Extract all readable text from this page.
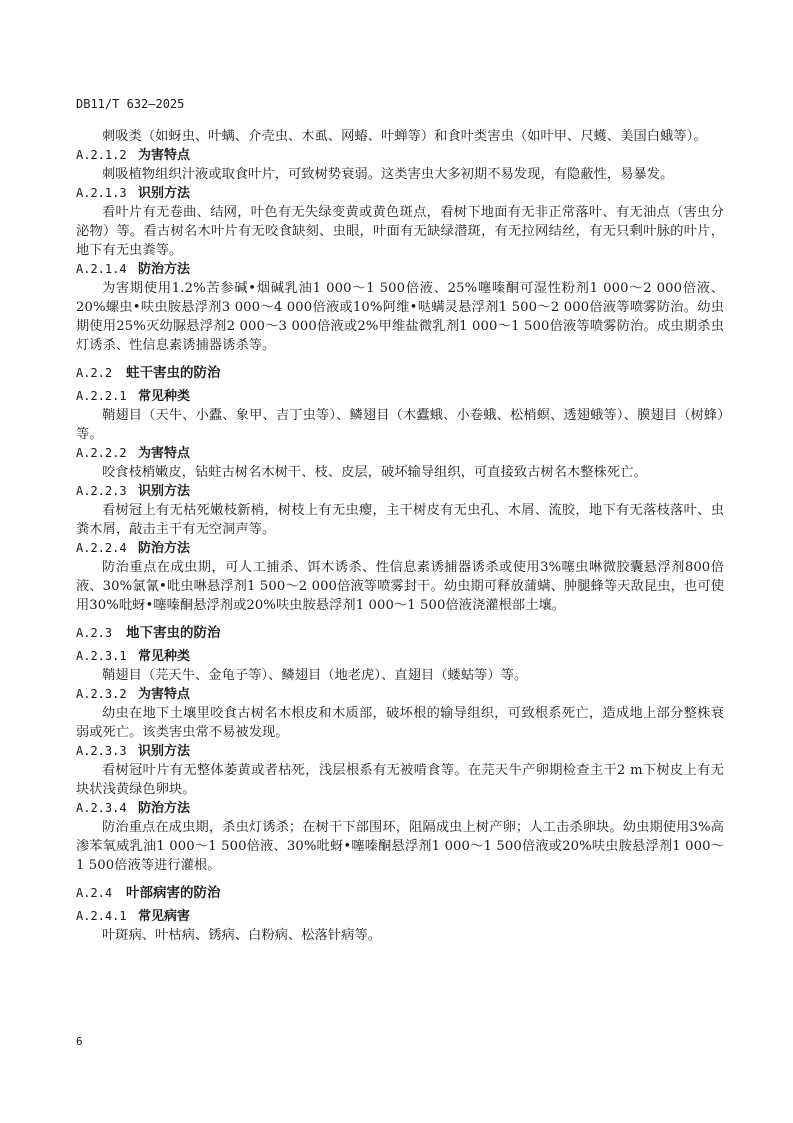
DB11/T 632—2025

刺吸类（如蚜虫、叶螨、介壳虫、木虱、网蝽、叶蝉等）和食叶类害虫（如叶甲、尺蠖、美国白蛾等）。

A.2.1.2 为害特点

刺吸植物组织汁液或取食叶片，可致树势衰弱。这类害虫大多初期不易发现，有隐蔽性，易暴发。

A.2.1.3 识别方法

看叶片有无卷曲、结网，叶色有无失绿变黄或黄色斑点，看树下地面有无非正常落叶、有无油点（害虫分泌物）等。看古树名木叶片有无咬食缺刻、虫眼，叶面有无缺绿潜斑，有无拉网结丝，有无只剩叶脉的叶片，地下有无虫粪等。

A.2.1.4 防治方法

为害期使用1.2%苦参碱•烟碱乳油1 000～1 500倍液、25%噻嗪酮可湿性粉剂1 000～2 000倍液、20%螺虫•呋虫胺悬浮剂3 000～4 000倍液或10%阿维•哒螨灵悬浮剂1 500～2 000倍液等喷雾防治。幼虫期使用25%灭幼脲悬浮剂2 000～3 000倍液或2%甲维盐微乳剂1 000～1 500倍液等喷雾防治。成虫期杀虫灯诱杀、性信息素诱捕器诱杀等。

A.2.2 蛀干害虫的防治
A.2.2.1 常见种类

鞘翅目（天牛、小蠹、象甲、吉丁虫等）、鳞翅目（木蠹蛾、小卷蛾、松梢螟、透翅蛾等）、膜翅目（树蜂）等。

A.2.2.2 为害特点

咬食枝梢嫩皮，钻蛀古树名木树干、枝、皮层，破坏输导组织，可直接致古树名木整株死亡。

A.2.2.3 识别方法

看树冠上有无枯死嫩枝新梢，树枝上有无虫瘿，主干树皮有无虫孔、木屑、流胶，地下有无落枝落叶、虫粪木屑，敲击主干有无空洞声等。

A.2.2.4 防治方法

防治重点在成虫期，可人工捕杀、饵木诱杀、性信息素诱捕器诱杀或使用3%噻虫啉微胶囊悬浮剂800倍液、30%氯氰•吡虫啉悬浮剂1 500～2 000倍液等喷雾封干。幼虫期可释放蒲螨、肿腿蜂等天敌昆虫，也可使用30%吡蚜•噻嗪酮悬浮剂或20%呋虫胺悬浮剂1 000～1 500倍液浇灌根部土壤。

A.2.3 地下害虫的防治
A.2.3.1 常见种类

鞘翅目（芫天牛、金龟子等）、鳞翅目（地老虎）、直翅目（蝼蛄等）等。

A.2.3.2 为害特点

幼虫在地下土壤里咬食古树名木根皮和木质部，破坏根的输导组织，可致根系死亡，造成地上部分整株衰弱或死亡。该类害虫常不易被发现。

A.2.3.3 识别方法

看树冠叶片有无整体萎黄或者枯死，浅层根系有无被啃食等。在芫天牛产卵期检查主干2 m下树皮上有无块状浅黄绿色卵块。

A.2.3.4 防治方法

防治重点在成虫期，杀虫灯诱杀；在树干下部围环，阻隔成虫上树产卵；人工击杀卵块。幼虫期使用3%高渗苯氧威乳油1 000～1 500倍液、30%吡蚜•噻嗪酮悬浮剂1 000～1 500倍液或20%呋虫胺悬浮剂1 000～1 500倍液等进行灌根。

A.2.4 叶部病害的防治
A.2.4.1 常见病害

叶斑病、叶枯病、锈病、白粉病、松落针病等。

6
